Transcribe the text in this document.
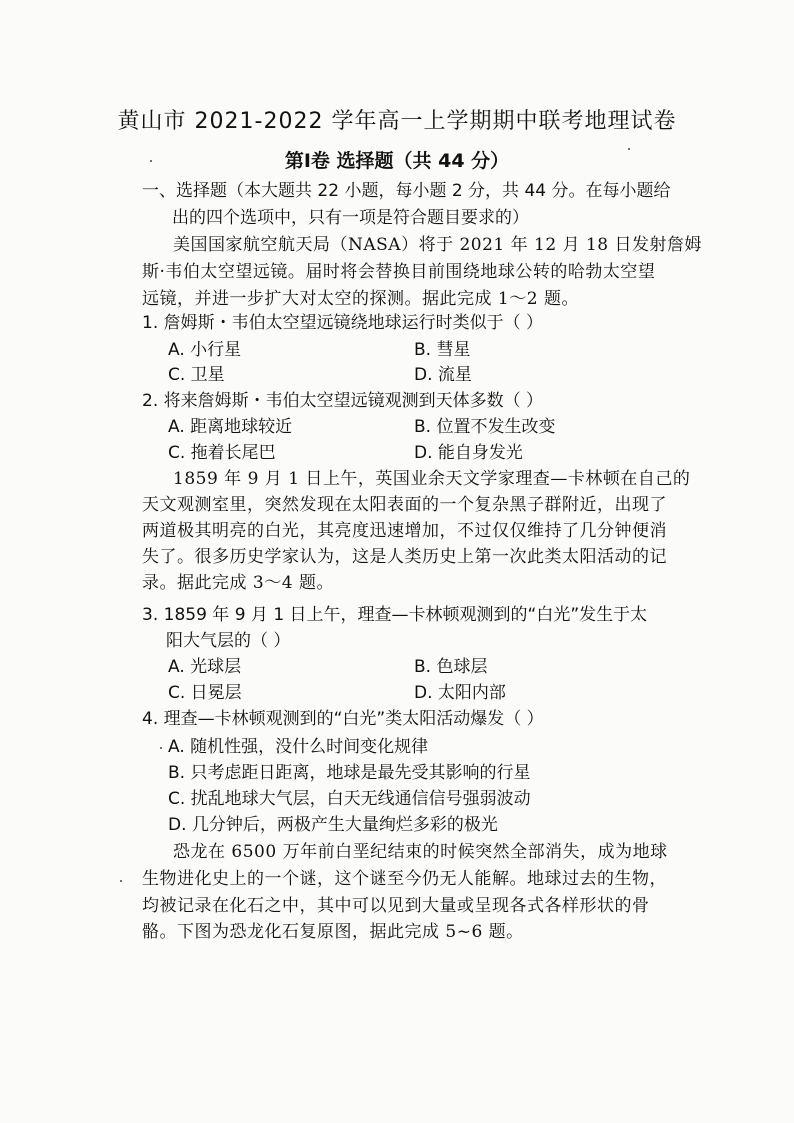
黄山市 2021-2022 学年高一上学期期中联考地理试卷
第Ⅰ卷 选择题（共 44 分）
一、选择题（本大题共 22 小题，每小题 2 分，共 44 分。在每小题给
出的四个选项中，只有一项是符合题目要求的）
美国国家航空航天局（NASA）将于 2021 年 12 月 18 日发射詹姆
斯·韦伯太空望远镜。届时将会替换目前围绕地球公转的哈勃太空望
远镜，并进一步扩大对太空的探测。据此完成 1～2 题。
1. 詹姆斯・韦伯太空望远镜绕地球运行时类似于（ ）
A. 小行星	B. 彗星
C. 卫星	D. 流星
2. 将来詹姆斯・韦伯太空望远镜观测到天体多数（ ）
A. 距离地球较近	B. 位置不发生改变
C. 拖着长尾巴	D. 能自身发光
1859 年 9 月 1 日上午，英国业余天文学家理查—卡林顿在自己的
天文观测室里，突然发现在太阳表面的一个复杂黑子群附近，出现了
两道极其明亮的白光，其亮度迅速增加，不过仅仅维持了几分钟便消
失了。很多历史学家认为，这是人类历史上第一次此类太阳活动的记
录。据此完成 3～4 题。
3. 1859 年 9 月 1 日上午，理查—卡林顿观测到的“白光”发生于太
阳大气层的（ ）
A. 光球层	B. 色球层
C. 日冕层	D. 太阳内部
4. 理查—卡林顿观测到的“白光”类太阳活动爆发（ ）
A. 随机性强，没什么时间变化规律
B. 只考虑距日距离，地球是最先受其影响的行星
C. 扰乱地球大气层，白天无线通信信号强弱波动
D. 几分钟后，两极产生大量绚烂多彩的极光
恐龙在 6500 万年前白垩纪结束的时候突然全部消失，成为地球
生物进化史上的一个谜，这个谜至今仍无人能解。地球过去的生物，
均被记录在化石之中，其中可以见到大量或呈现各式各样形状的骨
骼。下图为恐龙化石复原图，据此完成 5~6 题。
